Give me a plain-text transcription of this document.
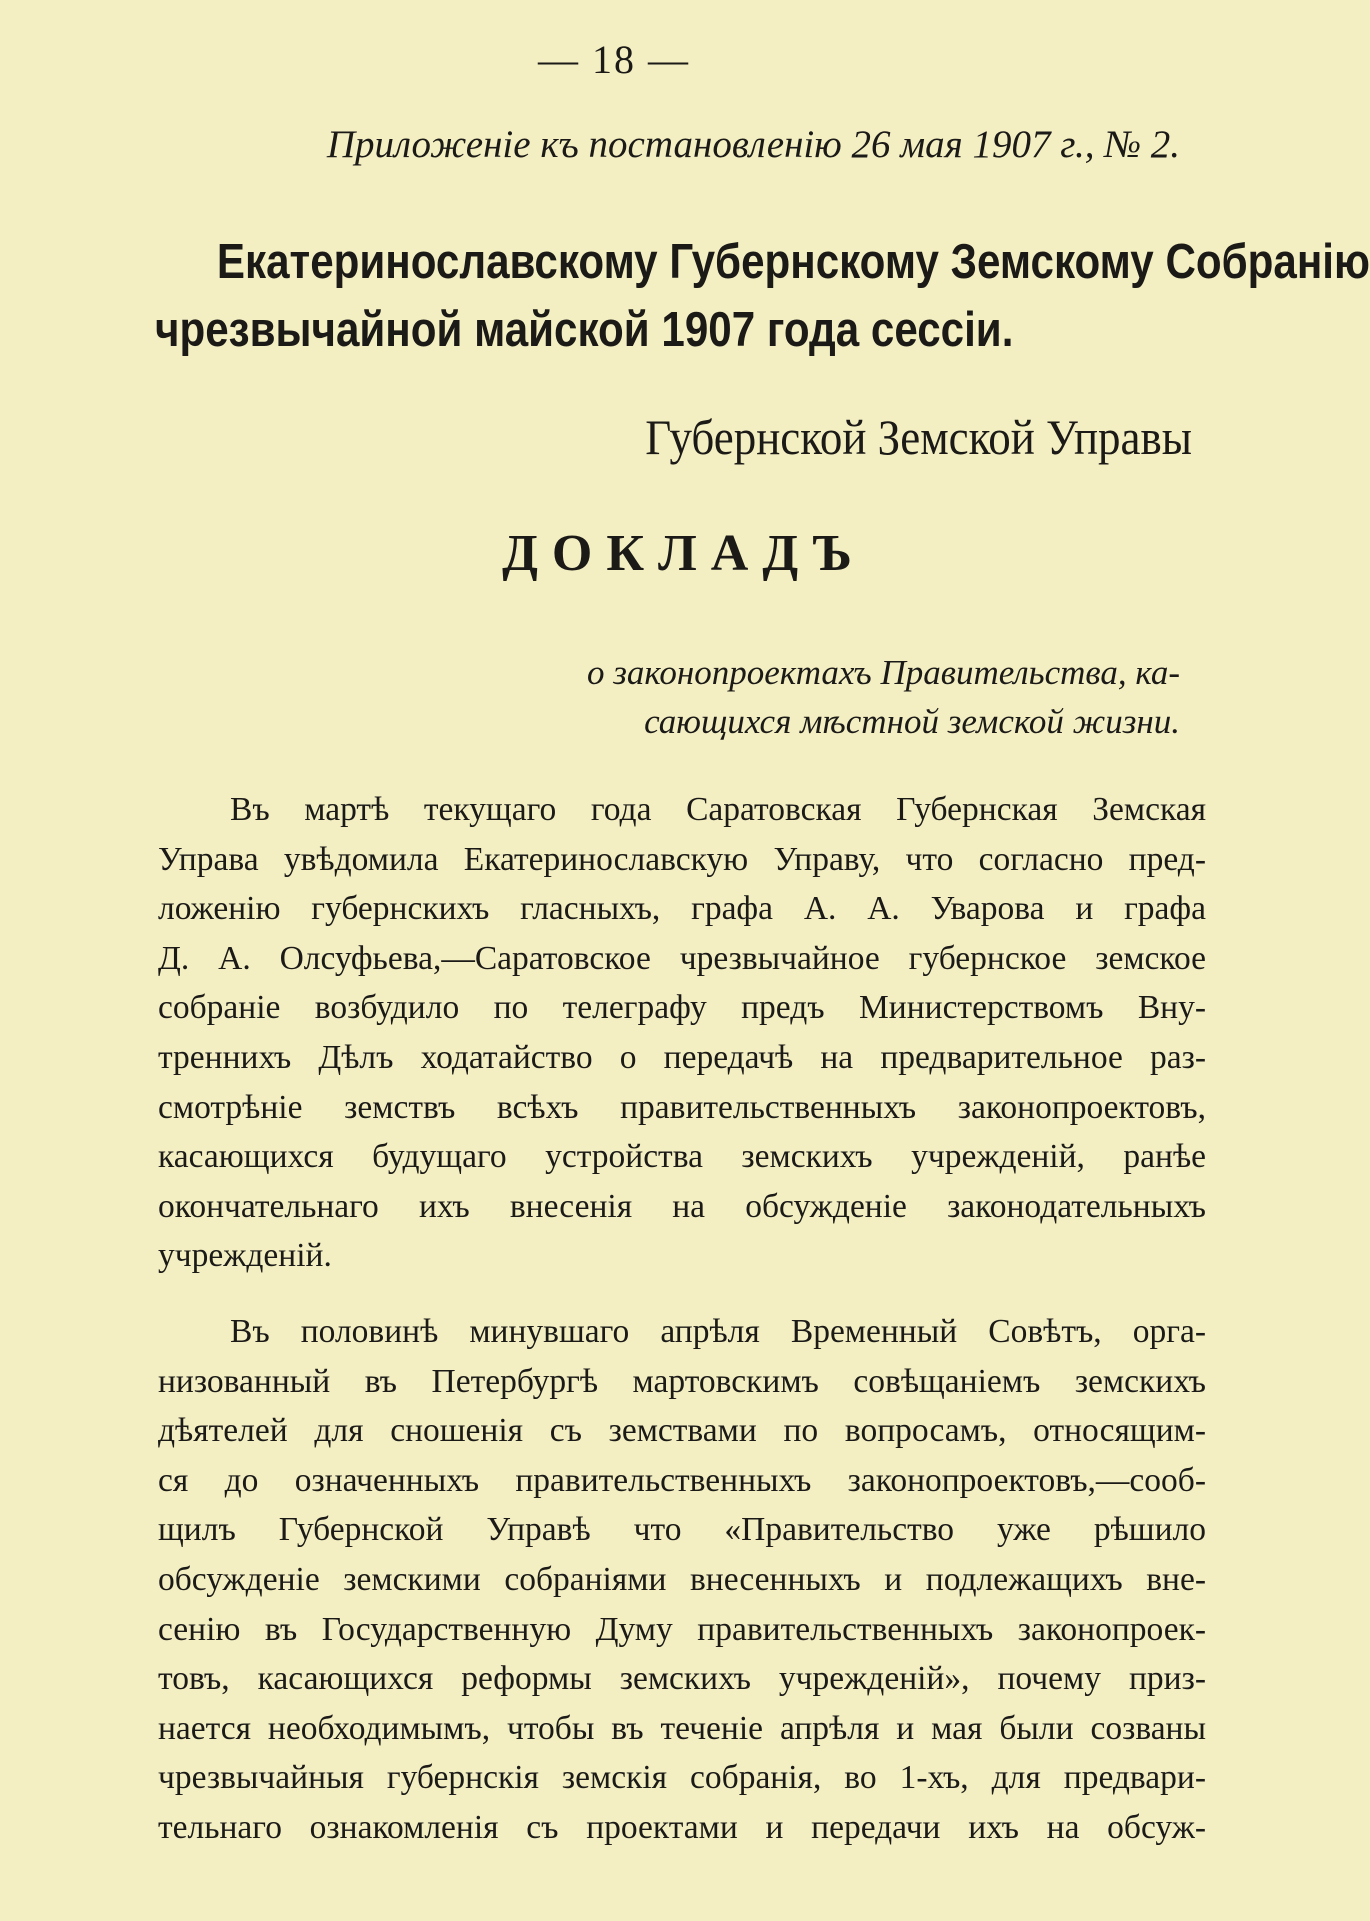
— 18 —
Приложеніе къ постановленію 26 мая 1907 г., № 2.
Екатеринославскому Губернскому Земскому Собранію
чрезвычайной майской 1907 года сессіи.
Губернской Земской Управы
ДОКЛАДЪ
о законопроектахъ Правительства, ка-
сающихся мѣстной земской жизни.
Въ мартѣ текущаго года Саратовская Губернская Земская
Управа увѣдомила Екатеринославскую Управу, что согласно пред-
ложенію губернскихъ гласныхъ, графа А. А. Уварова и графа
Д. А. Олсуфьева,—Саратовское чрезвычайное губернское земское
собраніе возбудило по телеграфу предъ Министерствомъ Вну-
треннихъ Дѣлъ ходатайство о передачѣ на предварительное раз-
смотрѣніе земствъ всѣхъ правительственныхъ законопроектовъ,
касающихся будущаго устройства земскихъ учрежденій, ранѣе
окончательнаго ихъ внесенія на обсужденіе законодательныхъ
учрежденій.
Въ половинѣ минувшаго апрѣля Временный Совѣтъ, орга-
низованный въ Петербургѣ мартовскимъ совѣщаніемъ земскихъ
дѣятелей для сношенія съ земствами по вопросамъ, относящим-
ся до означенныхъ правительственныхъ законопроектовъ,—сооб-
щилъ Губернской Управѣ что «Правительство уже рѣшило
обсужденіе земскими собраніями внесенныхъ и подлежащихъ вне-
сенію въ Государственную Думу правительственныхъ законопроек-
товъ, касающихся реформы земскихъ учрежденій», почему приз-
нается необходимымъ, чтобы въ теченіе апрѣля и мая были созваны
чрезвычайныя губернскія земскія собранія, во 1-хъ, для предвари-
тельнаго ознакомленія съ проектами и передачи ихъ на обсуж-
